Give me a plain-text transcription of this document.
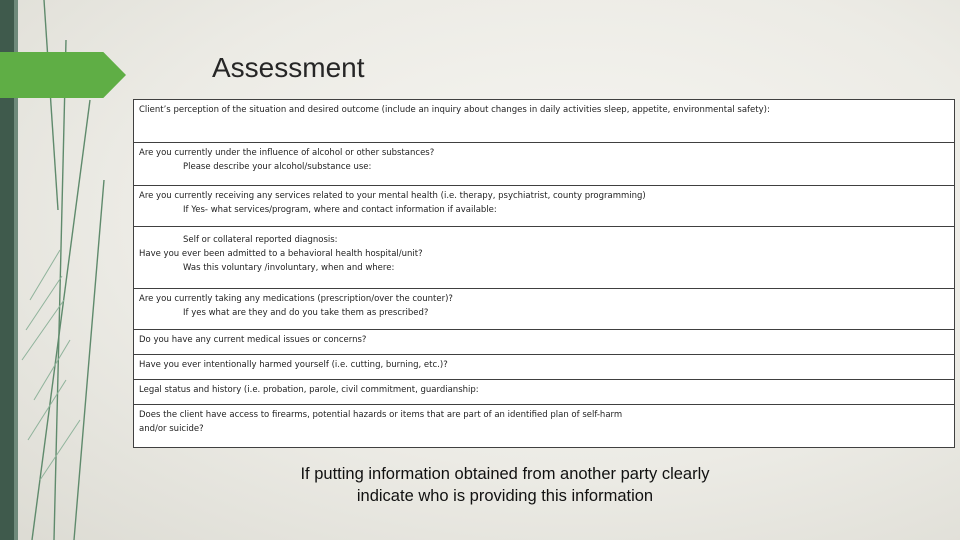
Assessment
Client’s perception of the situation and desired outcome (include an inquiry about changes in daily activities sleep, appetite, environmental safety):

Are you currently under the influence of alcohol or other substances?
Please describe your alcohol/substance use:

Are you currently receiving any services related to your mental health (i.e. therapy, psychiatrist, county programming)
If Yes- what services/program, where and contact information if available:

Self or collateral reported diagnosis:
Have you ever been admitted to a behavioral health hospital/unit?
Was this voluntary /involuntary, when and where:

Are you currently taking any medications (prescription/over the counter)?
If yes what are they and do you take them as prescribed?

Do you have any current medical issues or concerns?

Have you ever intentionally harmed yourself (i.e. cutting, burning, etc.)?

Legal status and history (i.e. probation, parole, civil commitment, guardianship:

Does the client have access to firearms, potential hazards or items that are part of an identified plan of self-harm and/or suicide?
If putting information obtained from another party clearly
indicate who is providing this information
